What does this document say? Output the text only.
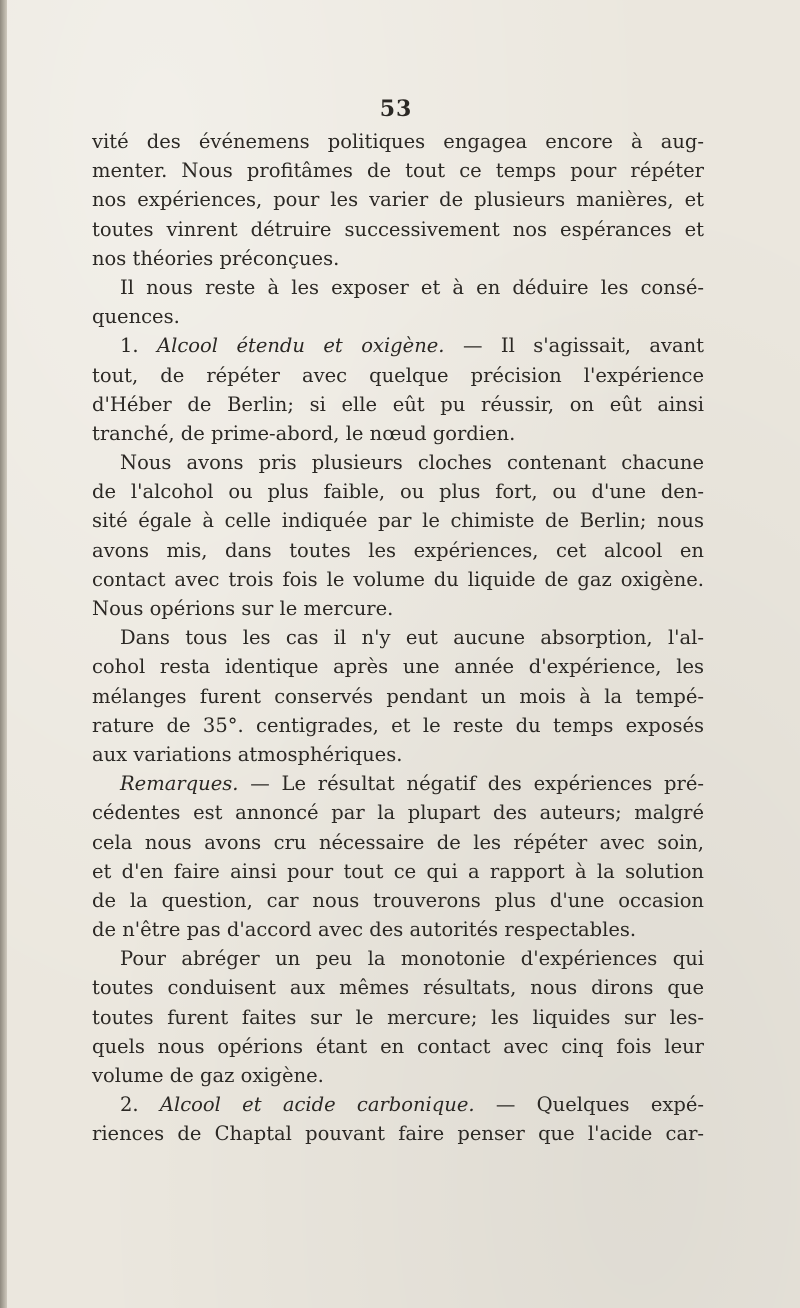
53
vité des événemens politiques engagea encore à aug-
menter. Nous profitâmes de tout ce temps pour répéter
nos expériences, pour les varier de plusieurs manières, et
toutes vinrent détruire successivement nos espérances et
nos théories préconçues.
Il nous reste à les exposer et à en déduire les consé-
quences.
1. Alcool étendu et oxigène. — Il s'agissait, avant
tout, de répéter avec quelque précision l'expérience
d'Héber de Berlin; si elle eût pu réussir, on eût ainsi
tranché, de prime-abord, le nœud gordien.
Nous avons pris plusieurs cloches contenant chacune
de l'alcohol ou plus faible, ou plus fort, ou d'une den-
sité égale à celle indiquée par le chimiste de Berlin; nous
avons mis, dans toutes les expériences, cet alcool en
contact avec trois fois le volume du liquide de gaz oxigène.
Nous opérions sur le mercure.
Dans tous les cas il n'y eut aucune absorption, l'al-
cohol resta identique après une année d'expérience, les
mélanges furent conservés pendant un mois à la tempé-
rature de 35°. centigrades, et le reste du temps exposés
aux variations atmosphériques.
Remarques. — Le résultat négatif des expériences pré-
cédentes est annoncé par la plupart des auteurs; malgré
cela nous avons cru nécessaire de les répéter avec soin,
et d'en faire ainsi pour tout ce qui a rapport à la solution
de la question, car nous trouverons plus d'une occasion
de n'être pas d'accord avec des autorités respectables.
Pour abréger un peu la monotonie d'expériences qui
toutes conduisent aux mêmes résultats, nous dirons que
toutes furent faites sur le mercure; les liquides sur les-
quels nous opérions étant en contact avec cinq fois leur
volume de gaz oxigène.
2. Alcool et acide carbonique. — Quelques expé-
riences de Chaptal pouvant faire penser que l'acide car-
